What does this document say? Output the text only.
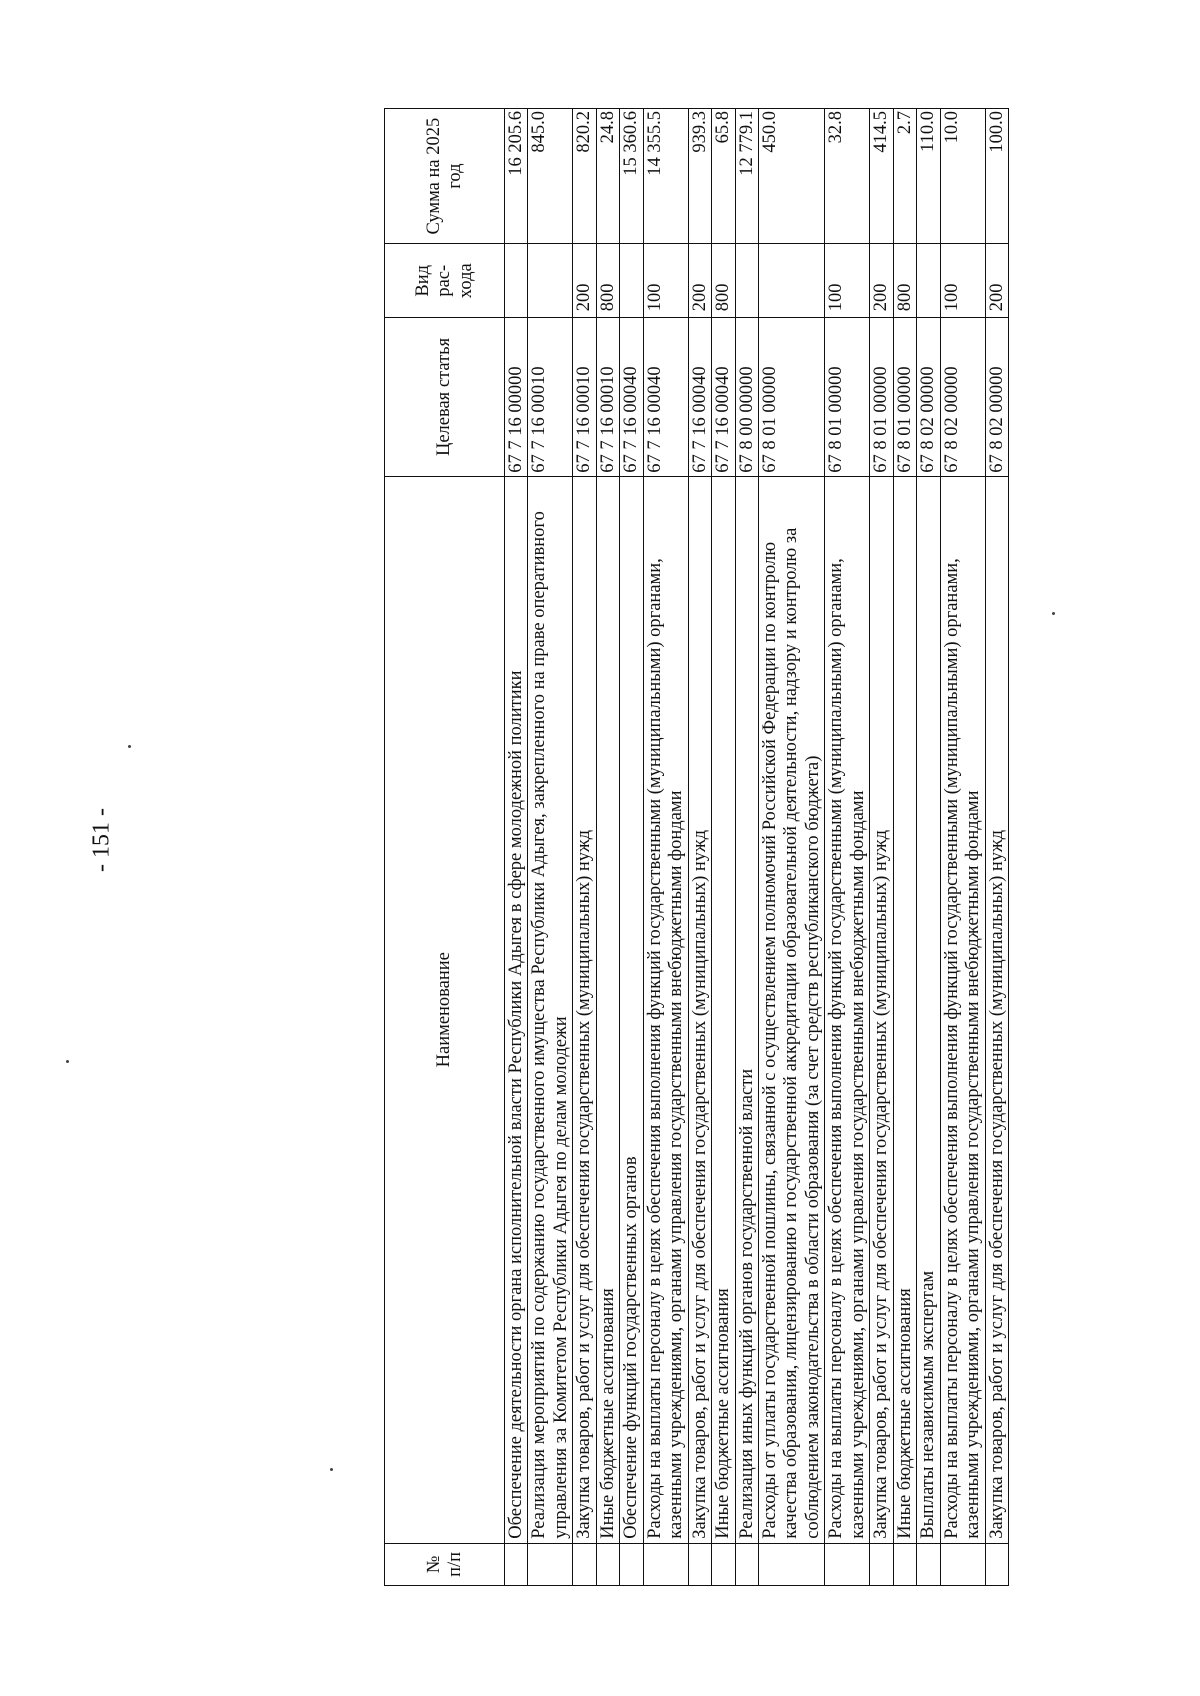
- 151 -
№ п/п	Наименование	Целевая статья	Вид рас-хода	Сумма на 2025 год
	Обеспечение деятельности органа исполнительной власти Республики Адыгея в сфере молодежной политики	67 7 16 00000		16 205.6
	Реализация мероприятий по содержанию государственного имущества Республики Адыгея, закрепленного на праве оперативного управления за Комитетом Республики Адыгея по делам молодежи	67 7 16 00010		845.0
	Закупка товаров, работ и услуг для обеспечения государственных (муниципальных) нужд	67 7 16 00010	200	820.2
	Иные бюджетные ассигнования	67 7 16 00010	800	24.8
	Обеспечение функций государственных органов	67 7 16 00040		15 360.6
	Расходы на выплаты персоналу в целях обеспечения выполнения функций государственными (муниципальными) органами, казенными учреждениями, органами управления государственными внебюджетными фондами	67 7 16 00040	100	14 355.5
	Закупка товаров, работ и услуг для обеспечения государственных (муниципальных) нужд	67 7 16 00040	200	939.3
	Иные бюджетные ассигнования	67 7 16 00040	800	65.8
	Реализация иных функций органов государственной власти	67 8 00 00000		12 779.1
	Расходы от уплаты государственной пошлины, связанной с осуществлением полномочий Российской Федерации по контролю качества образования, лицензированию и государственной аккредитации образовательной деятельности, надзору и контролю за соблюдением законодательства в области образования (за счет средств республиканского бюджета)	67 8 01 00000		450.0
	Расходы на выплаты персоналу в целях обеспечения выполнения функций государственными (муниципальными) органами, казенными учреждениями, органами управления государственными внебюджетными фондами	67 8 01 00000	100	32.8
	Закупка товаров, работ и услуг для обеспечения государственных (муниципальных) нужд	67 8 01 00000	200	414.5
	Иные бюджетные ассигнования	67 8 01 00000	800	2.7
	Выплаты независимым экспертам	67 8 02 00000		110.0
	Расходы на выплаты персоналу в целях обеспечения выполнения функций государственными (муниципальными) органами, казенными учреждениями, органами управления государственными внебюджетными фондами	67 8 02 00000	100	10.0
	Закупка товаров, работ и услуг для обеспечения государственных (муниципальных) нужд	67 8 02 00000	200	100.0
